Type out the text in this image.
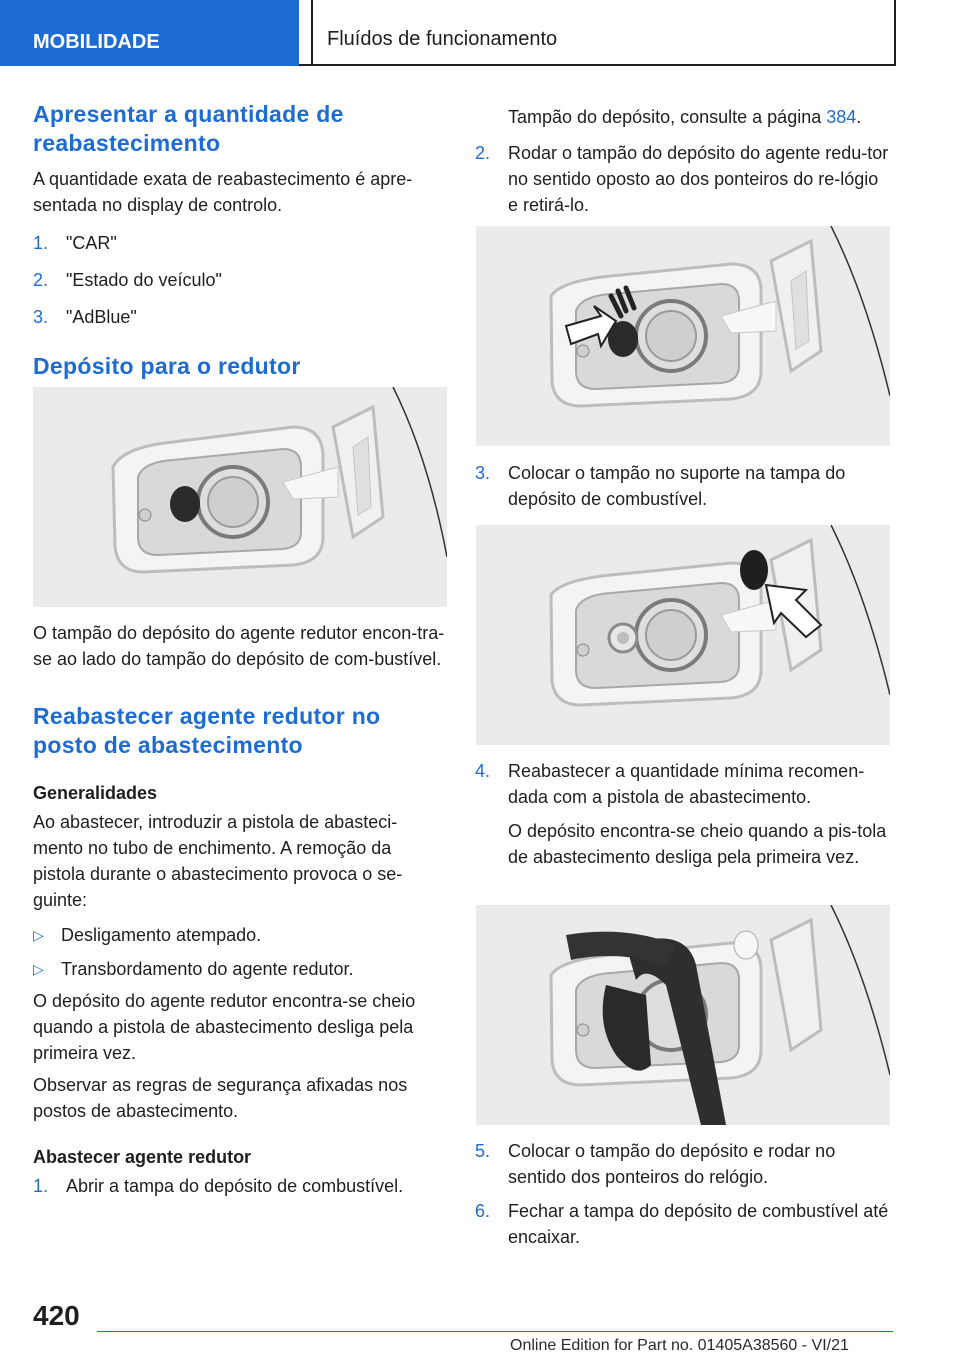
MOBILIDADE	Fluídos de funcionamento
Apresentar a quantidade de reabastecimento

A quantidade exata de reabastecimento é apre-sentada no display de controlo.

1. "CAR"
2. "Estado do veículo"
3. "AdBlue"
Depósito para o redutor

O tampão do depósito do agente redutor encon-tra-se ao lado do tampão do depósito de com-bustível.

Reabastecer agente redutor no posto de abastecimento
Generalidades

Ao abastecer, introduzir a pistola de abasteci-mento no tubo de enchimento. A remoção da pistola durante o abastecimento provoca o se-guinte:

▷ Desligamento atempado.
▷ Transbordamento do agente redutor.

O depósito do agente redutor encontra-se cheio quando a pistola de abastecimento desliga pela primeira vez.

Observar as regras de segurança afixadas nos postos de abastecimento.

Abastecer agente redutor
1. Abrir a tampa do depósito de combustível.
Tampão do depósito, consulte a página 384.
2. Rodar o tampão do depósito do agente redu-tor no sentido oposto ao dos ponteiros do re-lógio e retirá-lo.
3. Colocar o tampão no suporte na tampa do depósito de combustível.
4. Reabastecer a quantidade mínima recomen-dada com a pistola de abastecimento.

O depósito encontra-se cheio quando a pis-tola de abastecimento desliga pela primeira vez.

5. Colocar o tampão do depósito e rodar no sentido dos ponteiros do relógio.
6. Fechar a tampa do depósito de combustível até encaixar.
420
Online Edition for Part no. 01405A38560 - VI/21
